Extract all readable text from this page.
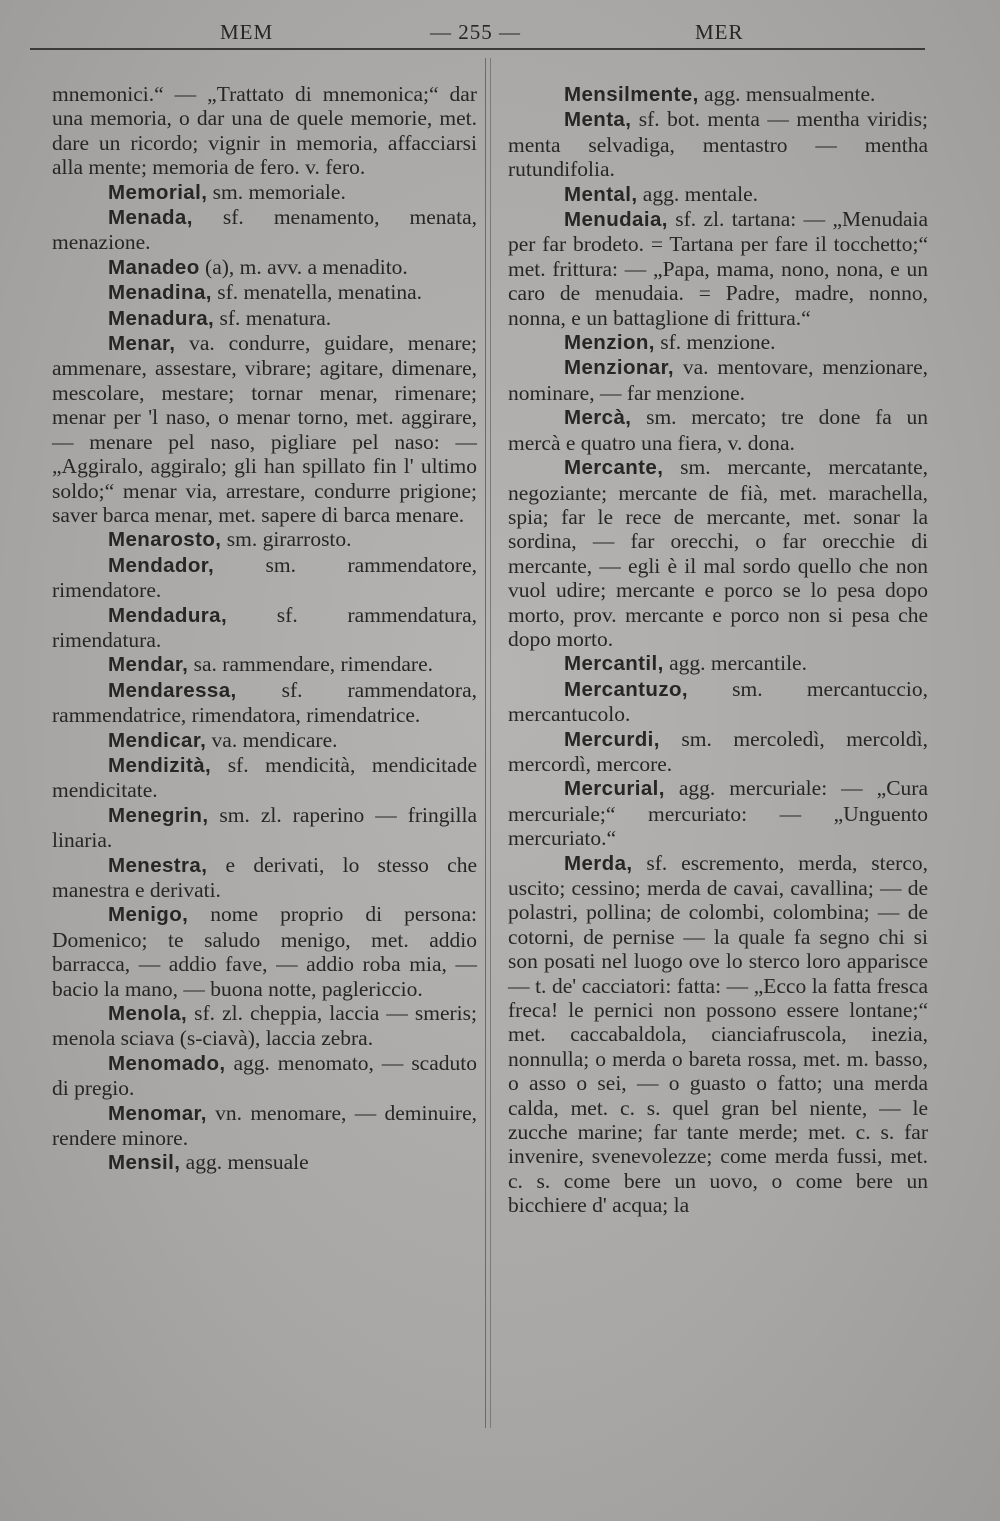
MEM	— 255 —	MER

mnemonici.“ — „Trattato di mnemonica;“ dar una memoria, o dar una de quele memorie, met. dare un ricordo; vignir in memoria, affacciarsi alla mente; memoria de fero. v. fero.

Memorial, sm. memoriale.

Menada, sf. menamento, menata, menazione.

Manadeo (a), m. avv. a menadito.

Menadina, sf. menatella, menatina.

Menadura, sf. menatura.

Menar, va. condurre, guidare, menare; ammenare, assestare, vibrare; agitare, dimenare, mescolare, mestare; tornar menar, rimenare; menar per 'l naso, o menar torno, met. aggirare, — menare pel naso, pigliare pel naso: — „Aggiralo, aggiralo; gli han spillato fin l' ultimo soldo;“ menar via, arrestare, condurre prigione; saver barca menar, met. sapere di barca menare.

Menarosto, sm. girarrosto.

Mendador, sm. rammendatore, rimendatore.

Mendadura, sf. rammendatura, rimendatura.

Mendar, sa. rammendare, rimendare.

Mendaressa, sf. rammendatora, rammendatrice, rimendatora, rimendatrice.

Mendicar, va. mendicare.

Mendizità, sf. mendicità, mendicitade mendicitate.

Menegrin, sm. zl. raperino — fringilla linaria.

Menestra, e derivati, lo stesso che manestra e derivati.

Menigo, nome proprio di persona: Domenico; te saludo menigo, met. addio barracca, — addio fave, — addio roba mia, — bacio la mano, — buona notte, paglericcio.

Menola, sf. zl. cheppia, laccia — smeris; menola sciava (s-ciavà), laccia zebra.

Menomado, agg. menomato, — scaduto di pregio.

Menomar, vn. menomare, — deminuire, rendere minore.

Mensil, agg. mensuale

Mensilmente, agg. mensualmente.

Menta, sf. bot. menta — mentha viridis; menta selvadiga, mentastro — mentha rutundifolia.

Mental, agg. mentale.

Menudaia, sf. zl. tartana: — „Menudaia per far brodeto. = Tartana per fare il tocchetto;“ met. frittura: — „Papa, mama, nono, nona, e un caro de menudaia. = Padre, madre, nonno, nonna, e un battaglione di frittura.“

Menzion, sf. menzione.

Menzionar, va. mentovare, menzionare, nominare, — far menzione.

Mercà, sm. mercato; tre done fa un mercà e quatro una fiera, v. dona.

Mercante, sm. mercante, mercatante, negoziante; mercante de fià, met. marachella, spia; far le rece de mercante, met. sonar la sordina, — far orecchi, o far orecchie di mercante, — egli è il mal sordo quello che non vuol udire; mercante e porco se lo pesa dopo morto, prov. mercante e porco non si pesa che dopo morto.

Mercantil, agg. mercantile.

Mercantuzo, sm. mercantuccio, mercantucolo.

Mercurdi, sm. mercoledì, mercoldì, mercordì, mercore.

Mercurial, agg. mercuriale: — „Cura mercuriale;“ mercuriato: — „Unguento mercuriato.“

Merda, sf. escremento, merda, sterco, uscito; cessino; merda de cavai, cavallina; — de polastri, pollina; de colombi, colombina; — de cotorni, de pernise — la quale fa segno chi si son posati nel luogo ove lo sterco loro apparisce — t. de' cacciatori: fatta: — „Ecco la fatta fresca freca! le pernici non possono essere lontane;“ met. caccabaldola, cianciafruscola, inezia, nonnulla; o merda o bareta rossa, met. m. basso, o asso o sei, — o guasto o fatto; una merda calda, met. c. s. quel gran bel niente, — le zucche marine; far tante merde; met. c. s. far invenire, svenevolezze; come merda fussi, met. c. s. come bere un uovo, o come bere un bicchiere d' acqua; la
